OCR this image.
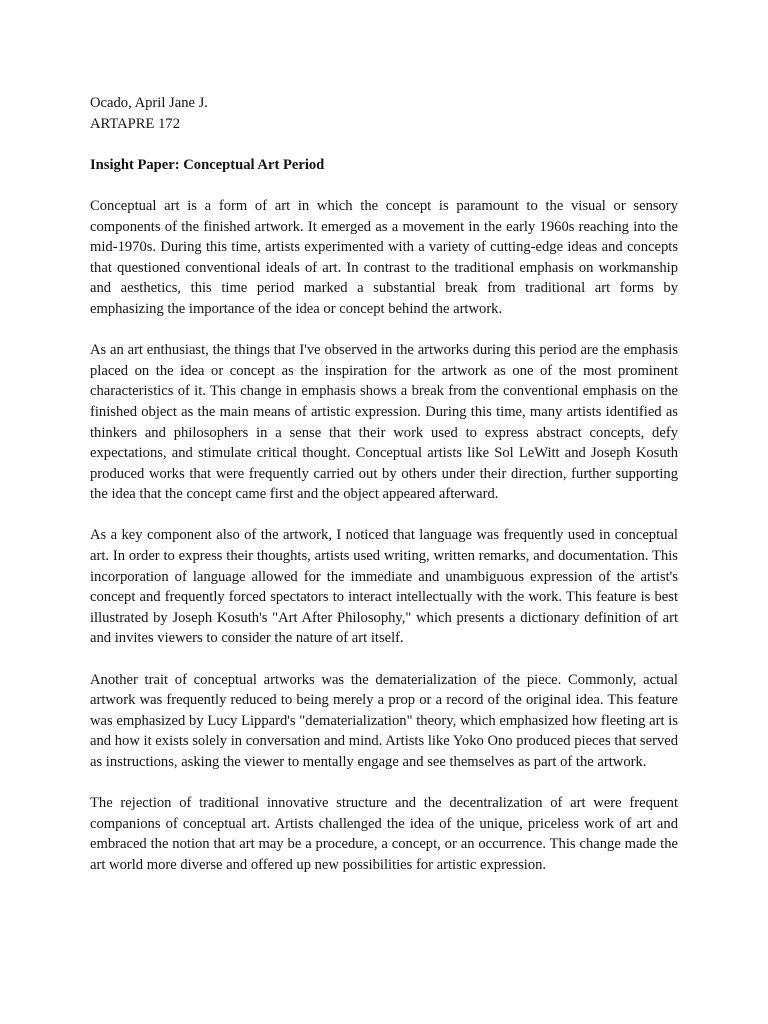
Ocado, April Jane J.

ARTAPRE 172

Insight Paper: Conceptual Art Period

Conceptual art is a form of art in which the concept is paramount to the visual or sensory components of the finished artwork. It emerged as a movement in the early 1960s reaching into the mid-1970s. During this time, artists experimented with a variety of cutting-edge ideas and concepts that questioned conventional ideals of art. In contrast to the traditional emphasis on workmanship and aesthetics, this time period marked a substantial break from traditional art forms by emphasizing the importance of the idea or concept behind the artwork.

As an art enthusiast, the things that I've observed in the artworks during this period are the emphasis placed on the idea or concept as the inspiration for the artwork as one of the most prominent characteristics of it. This change in emphasis shows a break from the conventional emphasis on the finished object as the main means of artistic expression. During this time, many artists identified as thinkers and philosophers in a sense that their work used to express abstract concepts, defy expectations, and stimulate critical thought. Conceptual artists like Sol LeWitt and Joseph Kosuth produced works that were frequently carried out by others under their direction, further supporting the idea that the concept came first and the object appeared afterward.

As a key component also of the artwork, I noticed that language was frequently used in conceptual art. In order to express their thoughts, artists used writing, written remarks, and documentation. This incorporation of language allowed for the immediate and unambiguous expression of the artist's concept and frequently forced spectators to interact intellectually with the work. This feature is best illustrated by Joseph Kosuth's "Art After Philosophy," which presents a dictionary definition of art and invites viewers to consider the nature of art itself.

Another trait of conceptual artworks was the dematerialization of the piece. Commonly, actual artwork was frequently reduced to being merely a prop or a record of the original idea. This feature was emphasized by Lucy Lippard's "dematerialization" theory, which emphasized how fleeting art is and how it exists solely in conversation and mind. Artists like Yoko Ono produced pieces that served as instructions, asking the viewer to mentally engage and see themselves as part of the artwork.

The rejection of traditional innovative structure and the decentralization of art were frequent companions of conceptual art. Artists challenged the idea of the unique, priceless work of art and embraced the notion that art may be a procedure, a concept, or an occurrence. This change made the art world more diverse and offered up new possibilities for artistic expression.
